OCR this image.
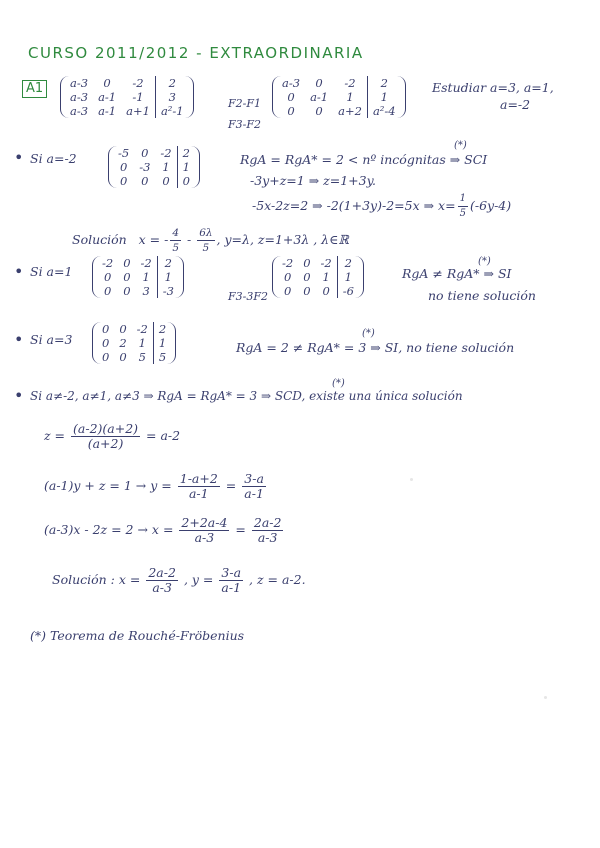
CURSO 2011/2012 - EXTRAORDINARIA
A1	a-3	0	-2	2
a-3	a-1	-1	3
a-3	a-1	a+1	a²-1
F2-F1
F3-F2
a-3	0	-2	2
0	a-1	1	1
0	0	a+2	a²-4
Estudiar a=3, a=1,
a=-2
• Si a=-2	-5	0	-2	2
0	-3	1	1
0	0	0	0
(*)
RgA = RgA* = 2 < nº incógnitas ⇒ SCI
-3y+z=1 ⇒ z=1+3y.
-5x-2z=2 ⇒ -2(1+3y)-2=5x ⇒ $x= \frac{1}{5} (-6y-4)$
Solución x = - $\frac{4}{5} - \frac{6\lambda}{5}$ , y=λ, z=1+3λ , λ∈ℝ
• Si a=1
-2	0	-2	2
0	0	1	1
0	0	3	-3	F3-3F2
-2	0	-2	2
0	0	1	1
0	0	0	-6
(*)
RgA ≠ RgA* ⇒ SI
no tiene solución
• Si a=3
0	0	-2	2
0	2	1	1
0	0	5	5
(*)
RgA = 2 ≠ RgA* = 3 ⇒ SI, no tiene solución
•
(*)
Si a≠-2, a≠1, a≠3 ⇒ RgA = RgA* = 3 ⇒ SCD, existe una única solución
$z = \frac{(a-2)(a+2)}{(a+2)} = a-2$
$(a-1)y + z = 1 \to y = \frac{1-a+2}{a-1} = \frac{3-a}{a-1}$
$(a-3)x - 2z = 2 \to x = \frac{2+2a-4}{a-3} = \frac{2a-2}{a-3}$
Solución : $x = \frac{2a-2}{a-3}$ , $y = \frac{3-a}{a-1}$ , z = a-2.
(*) Teorema de Rouché-Fröbenius
